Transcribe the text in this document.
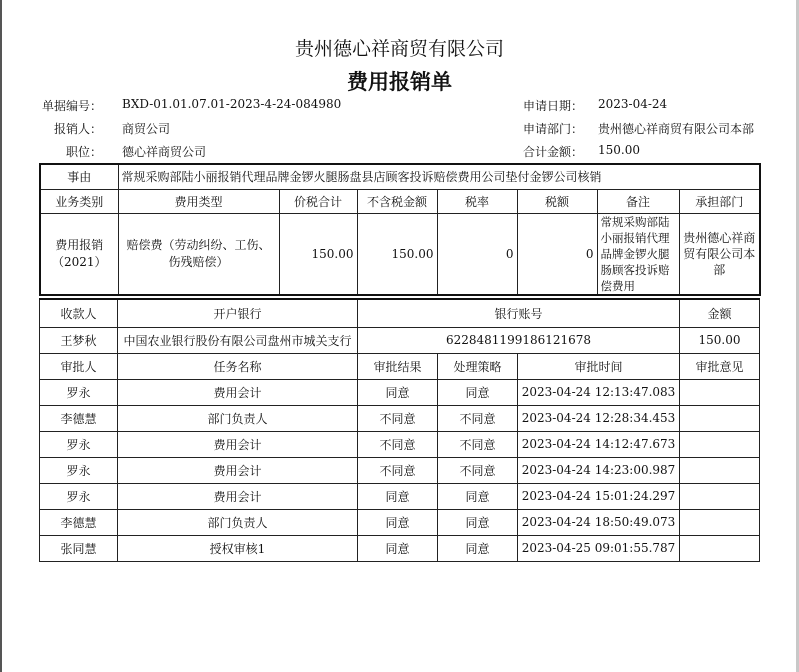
贵州德心祥商贸有限公司
费用报销单
单据编号： BXD-01.01.07.01-2023-4-24-084980	申请日期： 2023-04-24
报销人： 商贸公司	申请部门： 贵州德心祥商贸有限公司本部
职位： 德心祥商贸公司	合计金额： 150.00
事由	常规采购部陆小丽报销代理品牌金锣火腿肠盘县店顾客投诉赔偿费用公司垫付金锣公司核销						
业务类别	费用类型	价税合计	不含税金额	税率	税额	备注	承担部门
费用报销（2021）	赔偿费（劳动纠纷、工伤、伤残赔偿）	150.00	150.00	0	0	常规采购部陆小丽报销代理品牌金锣火腿肠顾客投诉赔偿费用	贵州德心祥商贸有限公司本部
收款人	开户银行	银行账号			金额
王梦秋	中国农业银行股份有限公司盘州市城关支行	6228481199186121678			150.00
审批人	任务名称	审批结果	处理策略	审批时间	审批意见
罗永	费用会计	同意	同意	2023-04-24 12:13:47.083	
李德慧	部门负责人	不同意	不同意	2023-04-24 12:28:34.453	
罗永	费用会计	不同意	不同意	2023-04-24 14:12:47.673	
罗永	费用会计	不同意	不同意	2023-04-24 14:23:00.987	
罗永	费用会计	同意	同意	2023-04-24 15:01:24.297	
李德慧	部门负责人	同意	同意	2023-04-24 18:50:49.073	
张同慧	授权审核1	同意	同意	2023-04-25 09:01:55.787	
